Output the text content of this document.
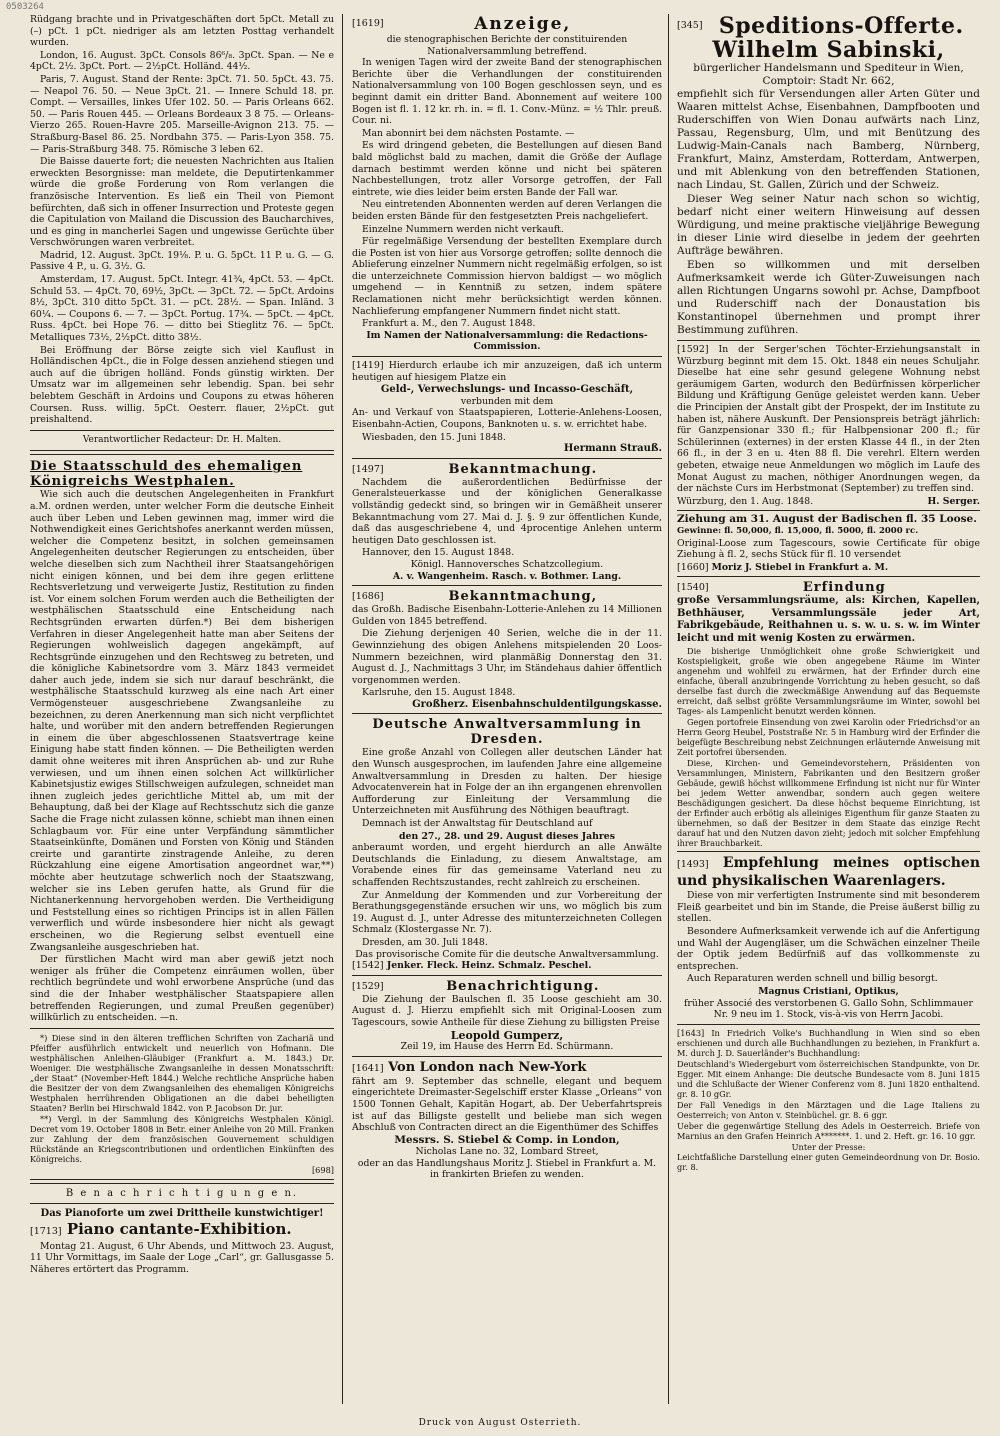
0503264

Rüdgang brachte und in Privatgeschäften dort 5pCt. Metall zu (–) pCt. 1 pCt. niedriger als am letzten Posttag verhandelt wurden.

London, 16. August. 3pCt. Consols 86⁶/₈. 3pCt. Span. — Ne e 4pCt. 2½. 3pCt. Port. — 2½pCt. Holländ. 44½.

Paris, 7. August. Stand der Rente: 3pCt. 71. 50. 5pCt. 43. 75. — Neapol 76. 50. — Neue 3pCt. 21. — Innere Schuld 18. pr. Compt. — Versailles, linkes Ufer 102. 50. — Paris Orleans 662. 50. — Paris Rouen 445. — Orleans Bordeaux 3 8 75. — Orleans-Vierzo 265. Rouen-Havre 205. Marseille-Avignon 213. 75. — Straßburg-Basel 86. 25. Nordbahn 375. — Paris-Lyon 358. 75. — Paris-Straßburg 348. 75. Römische 3 leben 62.

Die Baisse dauerte fort; die neuesten Nachrichten aus Italien erweckten Besorgnisse: man meldete, die Deputirtenkammer würde die große Forderung von Rom verlangen die französische Intervention. Es ließ ein Theil von Piemont befürchten, daß sich in offener Insurrection und Proteste gegen die Capitulation von Mailand die Discussion des Baucharchives, und es ging in mancherlei Sagen und ungewisse Gerüchte über Verschwörungen waren verbreitet.

Madrid, 12. August. 3pCt. 19⅛. P. u. G. 5pCt. 11 P. u. G. — G. Passive 4 P., u. G. 3½. G.

Amsterdam, 17. August. 5pCt. Integr. 41¾, 4pCt. 53. — 4pCt. Schuld 53. — 4pCt. 70, 69½, 3pCt. — 3pCt. 72. — 5pCt. Ardoins 8½, 3pCt. 310 ditto 5pCt. 31. — pCt. 28½. — Span. Inländ. 3 60¼. — Coupons 6. — 7. — 3pCt. Portug. 17¾. — 5pCt. — 4pCt. Russ. 4pCt. bei Hope 76. — ditto bei Stieglitz 76. — 5pCt. Metalliques 73½, 2½pCt. ditto 38½.

Bei Eröffnung der Börse zeigte sich viel Kauflust in Holländischen 4pCt., die in Folge dessen anziehend stiegen und auch auf die übrigen holländ. Fonds günstig wirkten. Der Umsatz war im allgemeinen sehr lebendig. Span. bei sehr belebtem Geschäft in Ardoins und Coupons zu etwas höheren Coursen. Russ. willig. 5pCt. Oesterr. flauer, 2½pCt. gut preishaltend.

Verantwortlicher Redacteur: Dr. H. Malten.
Die Staatsschuld des ehemaligen Königreichs Westphalen.

Wie sich auch die deutschen Angelegenheiten in Frankfurt a.M. ordnen werden, unter welcher Form die deutsche Einheit auch über Leben und Leben gewinnen mag, immer wird die Nothwendigkeit eines Gerichtshofes anerkannt werden müssen, welcher die Competenz besitzt, in solchen gemeinsamen Angelegenheiten deutscher Regierungen zu entscheiden, über welche dieselben sich zum Nachtheil ihrer Staatsangehörigen nicht einigen können, und bei dem ihre gegen erlittene Rechtsverletzung und verweigerte Justiz, Restitution zu finden ist. Vor einem solchen Forum werden auch die Betheiligten der westphälischen Staatsschuld eine Entscheidung nach Rechtsgründen erwarten dürfen.*) Bei dem bisherigen Verfahren in dieser Angelegenheit hatte man aber Seitens der Regierungen wohlweislich dagegen angekämpft, auf Rechtsgründe einzugehen und den Rechtsweg zu betreten, und die königliche Kabinetsordre vom 3. März 1843 vermeidet daher auch jede, indem sie sich nur darauf beschränkt, die westphälische Staatsschuld kurzweg als eine nach Art einer Vermögensteuer ausgeschriebene Zwangsanleihe zu bezeichnen, zu deren Anerkennung man sich nicht verpflichtet halte, und worüber mit den andern betreffenden Regierungen in einem die über abgeschlossenen Staatsvertrage keine Einigung habe statt finden können. — Die Betheiligten werden damit ohne weiteres mit ihren Ansprüchen ab- und zur Ruhe verwiesen, und um ihnen einen solchen Act willkürlicher Kabinetsjustiz ewiges Stillschweigen aufzulegen, schneidet man ihnen zugleich jedes gerichtliche Mittel ab, um mit der Behauptung, daß bei der Klage auf Rechtsschutz sich die ganze Sache die Frage nicht zulassen könne, schiebt man ihnen einen Schlagbaum vor. Für eine unter Verpfändung sämmtlicher Staatseinkünfte, Domänen und Forsten von König und Ständen creirte und garantirte zinstragende Anleihe, zu deren Rückzahlung eine eigene Amortisation angeordnet war,**) möchte aber heutzutage schwerlich noch der Staatszwang, welcher sie ins Leben gerufen hatte, als Grund für die Nichtanerkennung hervorgehoben werden. Die Vertheidigung und Feststellung eines so richtigen Princips ist in allen Fällen verwerflich und würde insbesondere hier nicht als gewagt erscheinen, wo die Regierung selbst eventuell eine Zwangsanleihe ausgeschrieben hat.

Der fürstlichen Macht wird man aber gewiß jetzt noch weniger als früher die Competenz einräumen wollen, über rechtlich begründete und wohl erworbene Ansprüche (und das sind die der Inhaber westphälischer Staatspapiere allen betreffenden Regierungen, und zumal Preußen gegenüber) willkürlich zu entscheiden. —n.

*) Diese sind in den älteren trefflichen Schriften von Zachariä und Pfeiffer ausführlich entwickelt und neuerlich von Hofmann. Die westphälischen Anleihen-Gläubiger (Frankfurt a. M. 1843.) Dr. Woeniger. Die westphälische Zwangsanleihe in dessen Monatsschrift: „der Staat“ (November-Heft 1844.) Welche rechtliche Ansprüche haben die Besitzer der von dem Zwangsanleihen des ehemaligen Königreichs Westphalen herrührenden Obligationen an die dabei beheiligten Staaten? Berlin bei Hirschwald 1842. von P. Jacobson Dr. jur.

**) Vergl. in der Sammlung des Königreichs Westphalen Königl. Decret vom 19. October 1808 in Betr. einer Anleihe von 20 Mill. Franken zur Zahlung der dem französischen Gouvernement schuldigen Rückstände an Kriegscontributionen und ordentlichen Einkünften des Königreichs.

[698]
B e n a c h r i c h t i g u n g e n.
Das Pianoforte um zwei Drittheile kunstwichtiger!
[1713] Piano cantante-Exhibition.

Montag 21. August, 6 Uhr Abends, und Mittwoch 23. August, 11 Uhr Vormittags, im Saale der Loge „Carl“, gr. Gallusgasse 5. Näheres ertörtert das Programm.

[1619]	Anzeige,
die stenographischen Berichte der constituirenden Nationalversammlung betreffend.

In wenigen Tagen wird der zweite Band der stenographischen Berichte über die Verhandlungen der constituirenden Nationalversammlung von 100 Bogen geschlossen seyn, und es beginnt damit ein dritter Band. Abonnement auf weitere 100 Bogen ist fl. 1. 12 kr. rh. in. = fl. 1. Conv.-Münz. = ½ Thlr. preuß. Cour. ni.

Man abonnirt bei dem nächsten Postamte. —

Es wird dringend gebeten, die Bestellungen auf diesen Band bald möglichst bald zu machen, damit die Größe der Auflage darnach bestimmt werden könne und nicht bei späteren Nachbestellungen, trotz aller Vorsorge getroffen, der Fall eintrete, wie dies leider beim ersten Bande der Fall war.

Neu eintretenden Abonnenten werden auf deren Verlangen die beiden ersten Bände für den festgesetzten Preis nachgeliefert.

Einzelne Nummern werden nicht verkauft.

Für regelmäßige Versendung der bestellten Exemplare durch die Posten ist von hier aus Vorsorge getroffen; sollte dennoch die Ablieferung einzelner Nummern nicht regelmäßig erfolgen, so ist die unterzeichnete Commission hiervon baldigst — wo möglich umgehend — in Kenntniß zu setzen, indem spätere Reclamationen nicht mehr berücksichtigt werden können. Nachlieferung empfangener Nummern findet nicht statt.

Frankfurt a. M., den 7. August 1848.
Im Namen der Nationalversammlung: die Redactions-Commission.

[1419] Hierdurch erlaube ich mir anzuzeigen, daß ich unterm heutigen auf hiesigem Platze ein

Geld-, Verwechslungs- und Incasso-Geschäft,
verbunden mit dem

An- und Verkauf von Staatspapieren, Lotterie-Anlehens-Loosen, Eisenbahn-Actien, Coupons, Banknoten u. s. w. errichtet habe.

Wiesbaden, den 15. Juni 1848.
Hermann Strauß.
[1497]	Bekanntmachung.

Nachdem die außerordentlichen Bedürfnisse der Generalsteuerkasse und der königlichen Generalkasse vollständig gedeckt sind, so bringen wir in Gemäßheit unserer Bekanntmachung vom 27. Mai d. J. §. 9 zur öffentlichen Kunde, daß das ausgeschriebene 4, und 4procentige Anlehen unterm heutigen Dato geschlossen ist.

Hannover, den 15. August 1848.
Königl. Hannoversches Schatzcollegium.
A. v. Wangenheim. Rasch. v. Bothmer. Lang.
[1686]	Bekanntmachung,

das Großh. Badische Eisenbahn-Lotterie-Anlehen zu 14 Millionen Gulden von 1845 betreffend.

Die Ziehung derjenigen 40 Serien, welche die in der 11. Gewinnziehung des obigen Anlehens mitspielenden 20 Loos-Nummern bezeichnen, wird planmäßig Donnerstag den 31. August d. J., Nachmittags 3 Uhr, im Ständehaus dahier öffentlich vorgenommen werden.

Karlsruhe, den 15. August 1848.
Großherz. Eisenbahnschuldentilgungskasse.
Deutsche Anwaltversammlung in Dresden.

Eine große Anzahl von Collegen aller deutschen Länder hat den Wunsch ausgesprochen, im laufenden Jahre eine allgemeine Anwaltversammlung in Dresden zu halten. Der hiesige Advocatenverein hat in Folge der an ihn ergangenen ehrenvollen Aufforderung zur Einleitung der Versammlung die Unterzeichneten mit Ausführung des Nöthigen beauftragt.

Demnach ist der Anwaltstag für Deutschland auf

den 27., 28. und 29. August dieses Jahres

anberaumt worden, und ergeht hierdurch an alle Anwälte Deutschlands die Einladung, zu diesem Anwaltstage, am Vorabende eines für das gemeinsame Vaterland neu zu schaffenden Rechtszustandes, recht zahlreich zu erscheinen.

Zur Anmeldung der Kommenden und zur Vorbereitung der Berathungsgegenstände ersuchen wir uns, wo möglich bis zum 19. August d. J., unter Adresse des mitunterzeichneten Collegen Schmalz (Klostergasse Nr. 7).

Dresden, am 30. Juli 1848.
Das provisorische Comite für die deutsche Anwaltversammlung.
[1542] Jenker. Fleck. Heinz. Schmalz. Peschel.
[1529]	Benachrichtigung.

Die Ziehung der Baulschen fl. 35 Loose geschieht am 30. August d. J. Hierzu empfiehlt sich mit Original-Loosen zum Tagescours, sowie Antheile für diese Ziehung zu billigsten Preise

Leopold Gumperz,
Zeil 19, im Hause des Herrn Ed. Schürmann.
[1641] Von London nach New-York

fährt am 9. September das schnelle, elegant und bequem eingerichtete Dreimaster-Segelschiff erster Klasse „Orleans“ von 1500 Tonnen Gehalt, Kapitän Hogart, ab. Der Ueberfahrtspreis ist auf das Billigste gestellt und beliebe man sich wegen Abschluß von Contracten direct an die Eigenthümer des Schiffes

Messrs. S. Stiebel & Comp. in London,
Nicholas Lane no. 32, Lombard Street,
oder an das Handlungshaus Moritz J. Stiebel in Frankfurt a. M. in frankirten Briefen zu wenden.
[345] Speditions-Offerte.
Wilhelm Sabinski,
bürgerlicher Handelsmann und Spediteur in Wien, Comptoir: Stadt Nr. 662,

empfiehlt sich für Versendungen aller Arten Güter und Waaren mittelst Achse, Eisenbahnen, Dampfbooten und Ruderschiffen von Wien Donau aufwärts nach Linz, Passau, Regensburg, Ulm, und mit Benützung des Ludwig-Main-Canals nach Bamberg, Nürnberg, Frankfurt, Mainz, Amsterdam, Rotterdam, Antwerpen, und mit Ablenkung von den betreffenden Stationen, nach Lindau, St. Gallen, Zürich und der Schweiz.

Dieser Weg seiner Natur nach schon so wichtig, bedarf nicht einer weitern Hinweisung auf dessen Würdigung, und meine praktische vieljährige Bewegung in dieser Linie wird dieselbe in jedem der geehrten Aufträge bewähren.

Eben so willkommen und mit derselben Aufmerksamkeit werde ich Güter-Zuweisungen nach allen Richtungen Ungarns sowohl pr. Achse, Dampfboot und Ruderschiff nach der Donaustation bis Konstantinopel übernehmen und prompt ihrer Bestimmung zuführen.

[1592] In der Serger'schen Töchter-Erziehungsanstalt in Würzburg beginnt mit dem 15. Okt. 1848 ein neues Schuljahr. Dieselbe hat eine sehr gesund gelegene Wohnung nebst geräumigem Garten, wodurch den Bedürfnissen körperlicher Bildung und Kräftigung Genüge geleistet werden kann. Ueber die Principien der Anstalt gibt der Prospekt, der im Institute zu haben ist, nähere Auskunft. Der Pensionspreis beträgt jährlich: für Ganzpensionar 330 fl.; für Halbpensionar 200 fl.; für Schülerinnen (externes) in der ersten Klasse 44 fl., in der 2ten 66 fl., in der 3 en u. 4ten 88 fl. Die verehrl. Eltern werden gebeten, etwaige neue Anmeldungen wo möglich im Laufe des Monat August zu machen, nöthiger Anordnungen wegen, da der nächste Curs im Herbstmonat (September) zu treffen sind.

Würzburg, den 1. Aug. 1848.	H. Serger.
Ziehung am 31. August der Badischen fl. 35 Loose.
Gewinne: fl. 50,000, fl. 15,000, fl. 5000, fl. 2000 rc.

Original-Loose zum Tagescours, sowie Certificate für obige Ziehung à fl. 2, sechs Stück für fl. 10 versendet

[1660] Moriz J. Stiebel in Frankfurt a. M.
[1540]	Erfindung

große Versammlungsräume, als: Kirchen, Kapellen, Bethhäuser, Versammlungssäle jeder Art, Fabrikgebäude, Reithahnen u. s. w. u. s. w. im Winter leicht und mit wenig Kosten zu erwärmen.

Die bisherige Unmöglichkeit ohne große Schwierigkeit und Kostspieligkeit, große wie oben angegebene Räume im Winter angenehm und wohlfeil zu erwärmen, hat der Erfinder durch eine einfache, überall anzubringende Vorrichtung zu heben gesucht, so daß derselbe fast durch die zweckmäßige Anwendung auf das Bequemste erreicht, daß selbst größte Versammlungsräume im Winter, sowohl bei Tages- als Lampenlicht benutzt werden können.

Gegen portofreie Einsendung von zwei Karolin oder Friedrichsd'or an Herrn Georg Heubel, Poststraße Nr. 5 in Hamburg wird der Erfinder die beigefügte Beschreibung nebst Zeichnungen erläuternde Anweisung mit Zeit portofrei übersenden.

Diese, Kirchen- und Gemeindevorstehern, Präsidenten von Versammlungen, Ministern, Fabrikanten und den Besitzern großer Gebäude, gewiß höchst willkommene Erfindung ist nicht nur für Winter bei jedem Wetter anwendbar, sondern auch gegen weitere Beschädigungen gesichert. Da diese höchst bequeme Einrichtung, ist der Erfinder auch erbötig als alleiniges Eigenthum für ganze Staaten zu übernehmen, so daß der Besitzer in dem Staate das einzige Recht darauf hat und den Nutzen davon zieht; jedoch mit solcher Empfehlung ihrer Brauchbarkeit.

[1493] Empfehlung meines optischen und physikalischen Waarenlagers.

Diese von mir verfertigten Instrumente sind mit besonderem Fleiß gearbeitet und bin im Stande, die Preise äußerst billig zu stellen.

Besondere Aufmerksamkeit verwende ich auf die Anfertigung und Wahl der Augengläser, um die Schwächen einzelner Theile der Optik jedem Bedürfniß auf das vollkommenste zu entsprechen.

Auch Reparaturen werden schnell und billig besorgt.

Magnus Cristiani, Optikus,
früher Associé des verstorbenen G. Gallo Sohn, Schlimmauer Nr. 9 neu im 1. Stock, vis-à-vis von Herrn Jacobi.

[1643] In Friedrich Volke's Buchhandlung in Wien sind so eben erschienen und durch alle Buchhandlungen zu beziehen, in Frankfurt a. M. durch J. D. Sauerländer's Buchhandlung:

Deutschland's Wiedergeburt vom österreichischen Standpunkte, von Dr. Egger. Mit einem Anhange: Die deutsche Bundesacte vom 8. Juni 1815 und die Schlußacte der Wiener Conferenz vom 8. Juni 1820 enthaltend. gr. 8. 10 gGr.

Der Fall Venedigs in den Märztagen und die Lage Italiens zu Oesterreich; von Anton v. Steinbüchel. gr. 8. 6 ggr.

Ueber die gegenwärtige Stellung des Adels in Oesterreich. Briefe von Marnius an den Grafen Heinrich A*******. 1. und 2. Heft. gr. 16. 10 ggr.

Unter der Presse:

Leichtfaßliche Darstellung einer guten Gemeindeordnung von Dr. Bosio. gr. 8.

Druck von August Osterrieth.
